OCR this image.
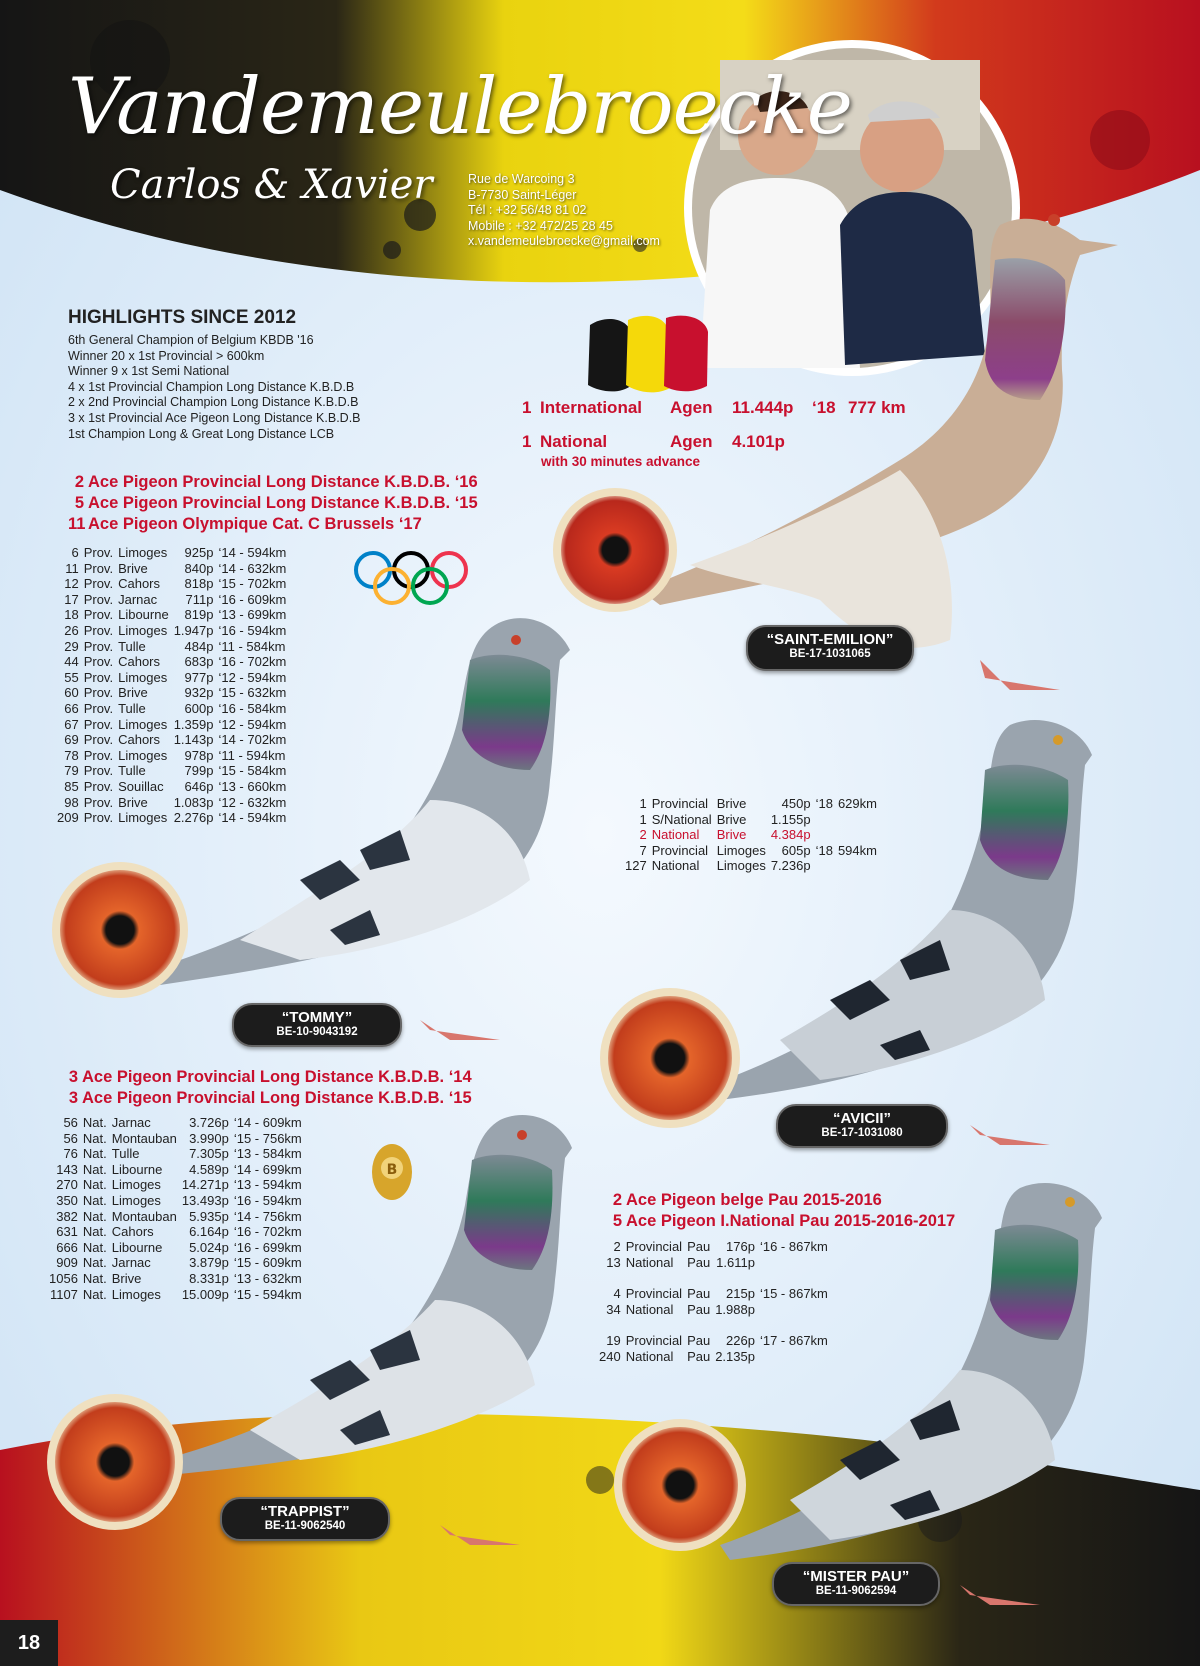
B
Vandemeulebroecke
Carlos & Xavier	Rue de Warcoing 3
B-7730 Saint-Léger
Tél : +32 56/48 81 02
Mobile : +32 472/25 28 45
x.vandemeulebroecke@gmail.com
HIGHLIGHTS SINCE 2012
6th General Champion of Belgium KBDB '16
Winner 20 x 1st Provincial > 600km
Winner 9 x 1st Semi National
4 x 1st Provincial Champion Long Distance K.B.D.B
2 x 2nd Provincial Champion Long Distance K.B.D.B
3 x 1st Provincial Ace Pigeon Long Distance K.B.D.B
1st Champion Long & Great Long Distance LCB
1 International Agen 11.444p ‘18 777 km
1 National	Agen 4.101p
with 30 minutes advance
“SAINT-EMILION”
BE-17-1031065
2 Ace Pigeon Provincial Long Distance K.B.D.B. ‘16
5 Ace Pigeon Provincial Long Distance K.B.D.B. ‘15
11 Ace Pigeon Olympique Cat. C Brussels ‘17
6	Prov.	Limoges	925p	‘14 - 594km
11	Prov.	Brive	840p	‘14 - 632km
12	Prov.	Cahors	818p	‘15 - 702km
17	Prov.	Jarnac	711p	‘16 - 609km
18	Prov.	Libourne	819p	‘13 - 699km
26	Prov.	Limoges	1.947p	‘16 - 594km
29	Prov.	Tulle	484p	‘11 - 584km
44	Prov.	Cahors	683p	‘16 - 702km
55	Prov.	Limoges	977p	‘12 - 594km
60	Prov.	Brive	932p	‘15 - 632km
66	Prov.	Tulle	600p	‘16 - 584km
67	Prov.	Limoges	1.359p	‘12 - 594km
69	Prov.	Cahors	1.143p	‘14 - 702km
78	Prov.	Limoges	978p	‘11 - 594km
79	Prov.	Tulle	799p	‘15 - 584km
85	Prov.	Souillac	646p	‘13 - 660km
98	Prov.	Brive	1.083p	‘12 - 632km
209	Prov.	Limoges	2.276p	‘14 - 594km
“TOMMY”
BE-10-9043192
1	Provincial	Brive	450p	‘18	629km
1	S/National	Brive	1.155p		
2	National	Brive	4.384p		
7	Provincial	Limoges	605p	‘18	594km
127	National	Limoges	7.236p		
“AVICII”
BE-17-1031080
3 Ace Pigeon Provincial Long Distance K.B.D.B. ‘14
3 Ace Pigeon Provincial Long Distance K.B.D.B. ‘15
56	Nat.	Jarnac	3.726p	‘14 - 609km
56	Nat.	Montauban	3.990p	‘15 - 756km
76	Nat.	Tulle	7.305p	‘13 - 584km
143	Nat.	Libourne	4.589p	‘14 - 699km
270	Nat.	Limoges	14.271p	‘13 - 594km
350	Nat.	Limoges	13.493p	‘16 - 594km
382	Nat.	Montauban	5.935p	‘14 - 756km
631	Nat.	Cahors	6.164p	‘16 - 702km
666	Nat.	Libourne	5.024p	‘16 - 699km
909	Nat.	Jarnac	3.879p	‘15 - 609km
1056	Nat.	Brive	8.331p	‘13 - 632km
1107	Nat.	Limoges	15.009p	‘15 - 594km
“TRAPPIST”
BE-11-9062540
2 Ace Pigeon belge Pau 2015-2016
5 Ace Pigeon I.National Pau 2015-2016-2017
2	Provincial	Pau	176p	‘16 - 867km
13	National	Pau	1.611p	

4	Provincial	Pau	215p	‘15 - 867km
34	National	Pau	1.988p	

19	Provincial	Pau	226p	‘17 - 867km
240	National	Pau	2.135p	
“MISTER PAU”
BE-11-9062594
18
